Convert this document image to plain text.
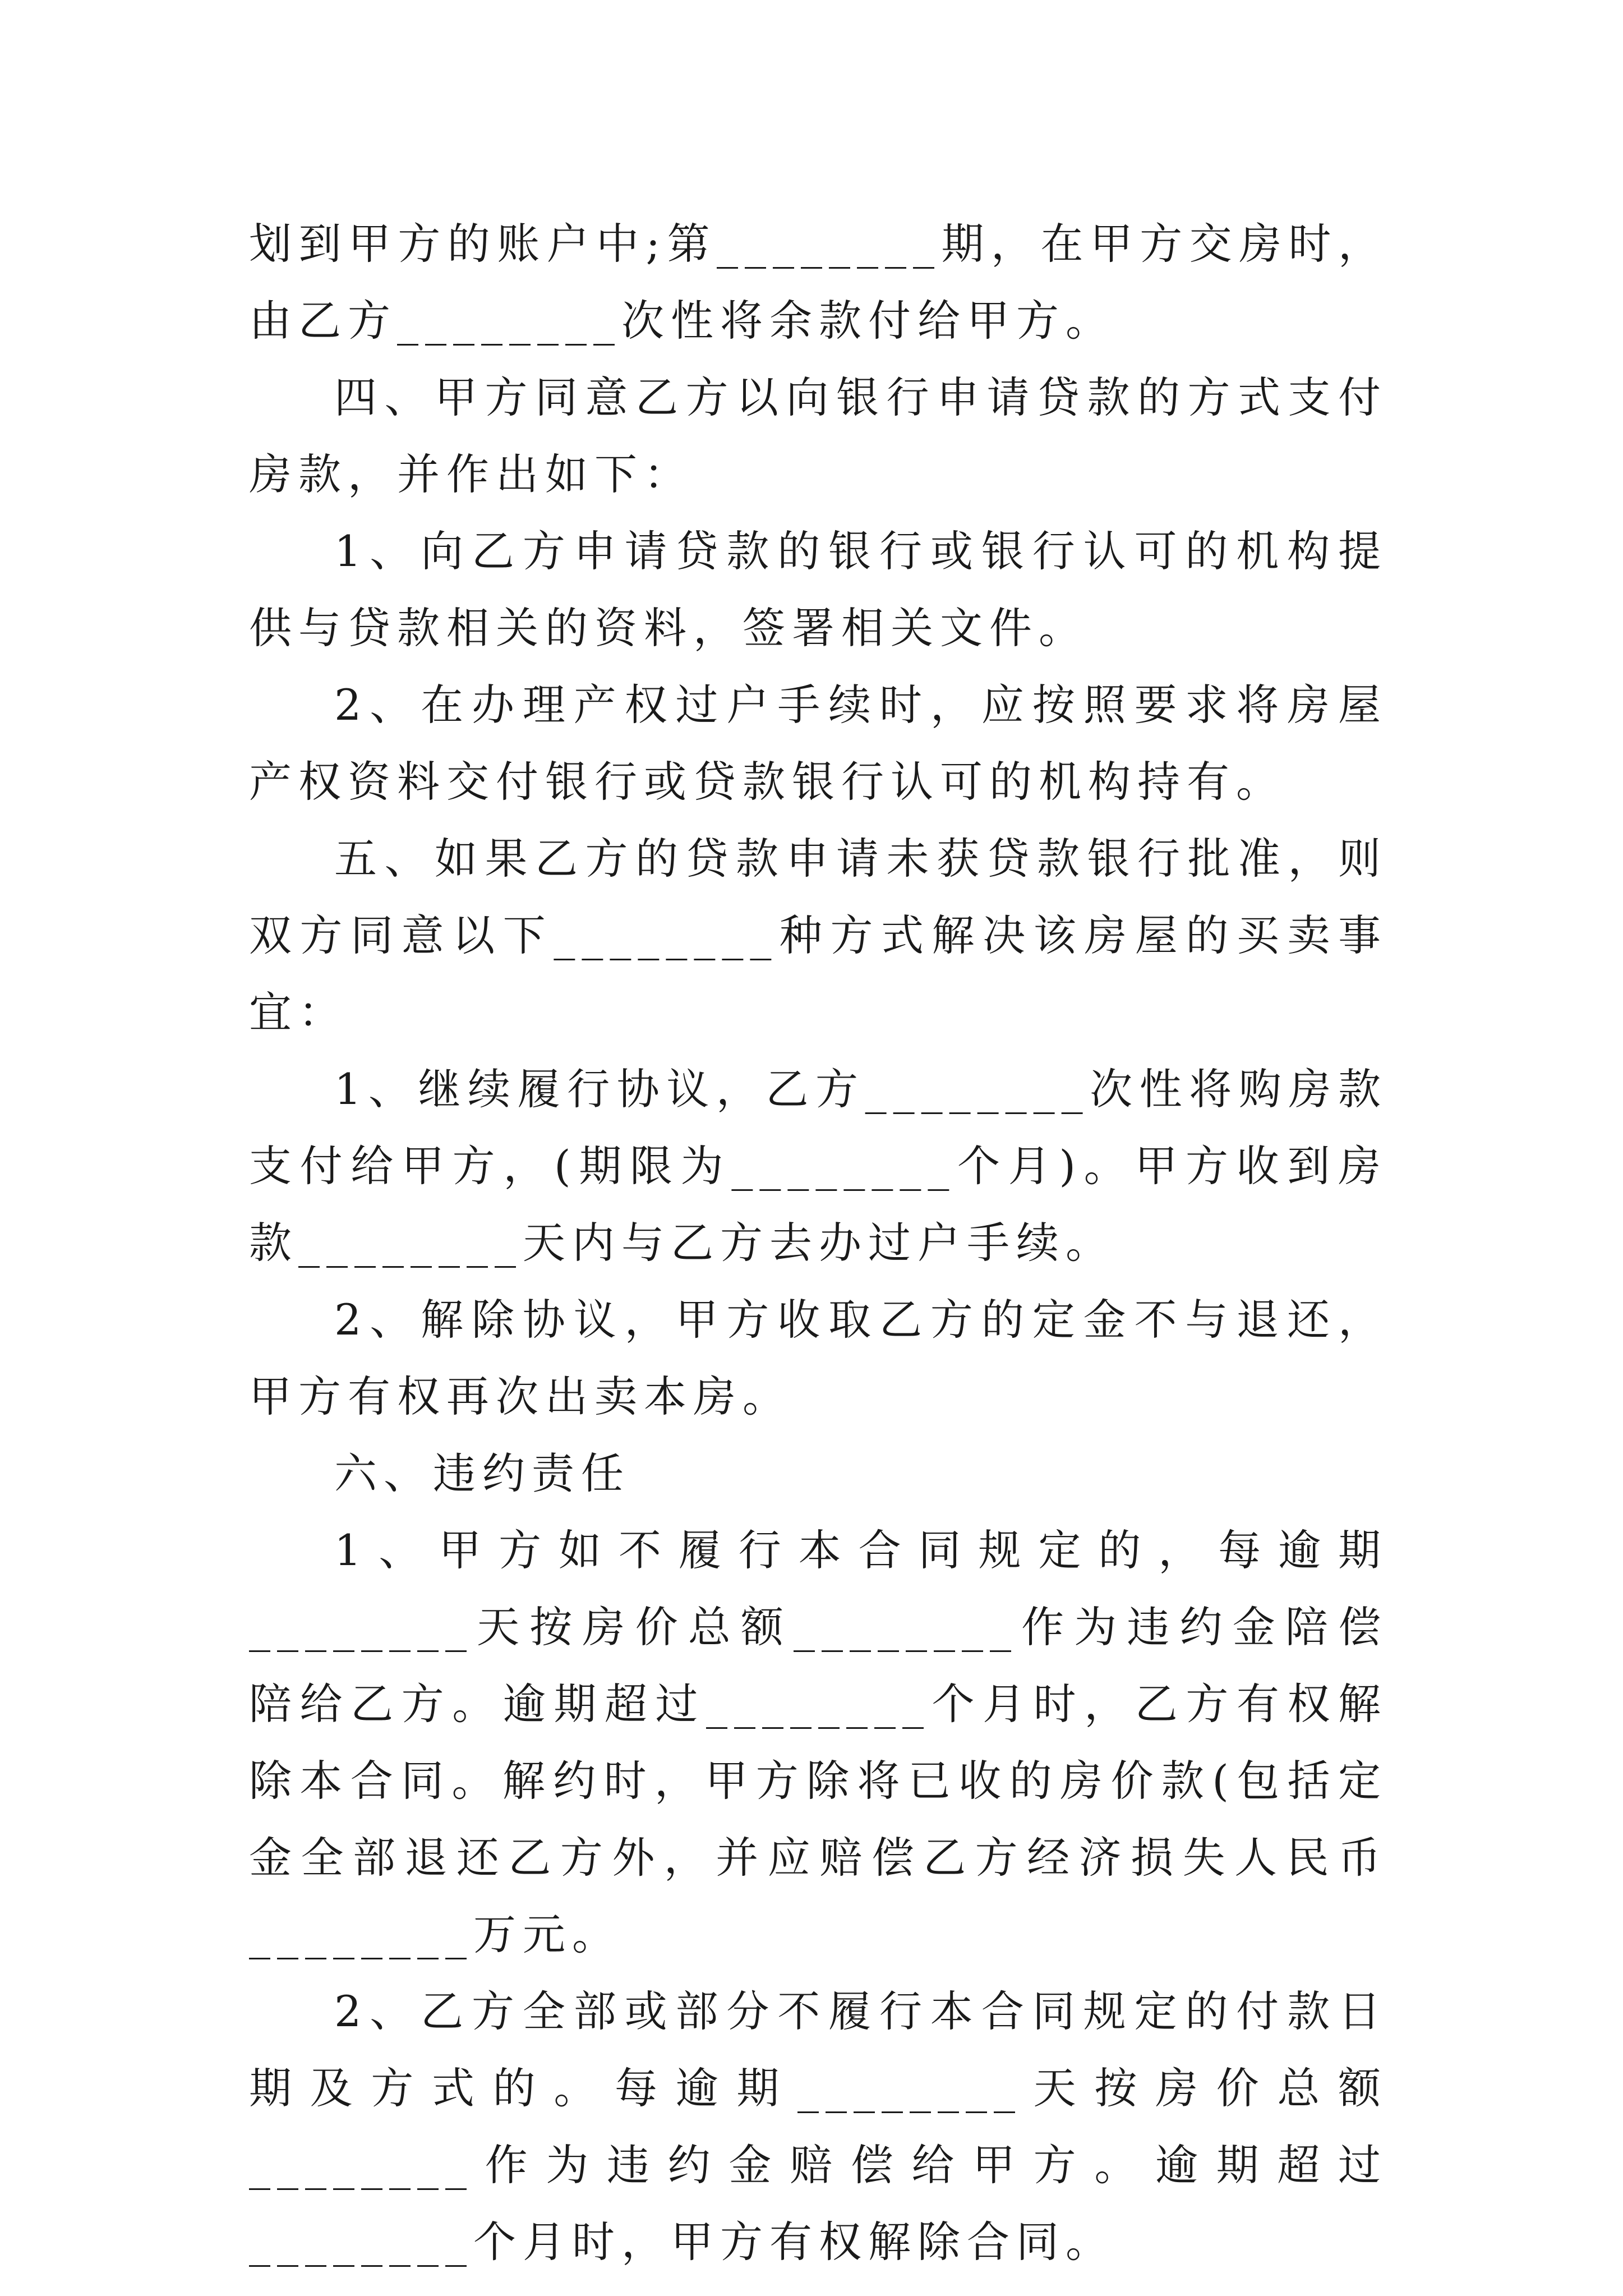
划到甲方的账户中;第________期，在甲方交房时，由乙方________次性将余款付给甲方。

四、甲方同意乙方以向银行申请贷款的方式支付房款，并作出如下：

1、向乙方申请贷款的银行或银行认可的机构提供与贷款相关的资料，签署相关文件。

2、在办理产权过户手续时，应按照要求将房屋产权资料交付银行或贷款银行认可的机构持有。

五、如果乙方的贷款申请未获贷款银行批准，则双方同意以下________种方式解决该房屋的买卖事宜：

1、继续履行协议，乙方________次性将购房款支付给甲方，(期限为________个月)。甲方收到房款________天内与乙方去办过户手续。

2、解除协议，甲方收取乙方的定金不与退还，甲方有权再次出卖本房。

六、违约责任

1、甲方如不履行本合同规定的，每逾期________天按房价总额________作为违约金陪偿陪给乙方。逾期超过________个月时，乙方有权解除本合同。解约时，甲方除将已收的房价款(包括定金全部退还乙方外，并应赔偿乙方经济损失人民币________万元。

2、乙方全部或部分不履行本合同规定的付款日期及方式的。每逾期________天按房价总额________作为违约金赔偿给甲方。逾期超过________个月时，甲方有权解除合同。
